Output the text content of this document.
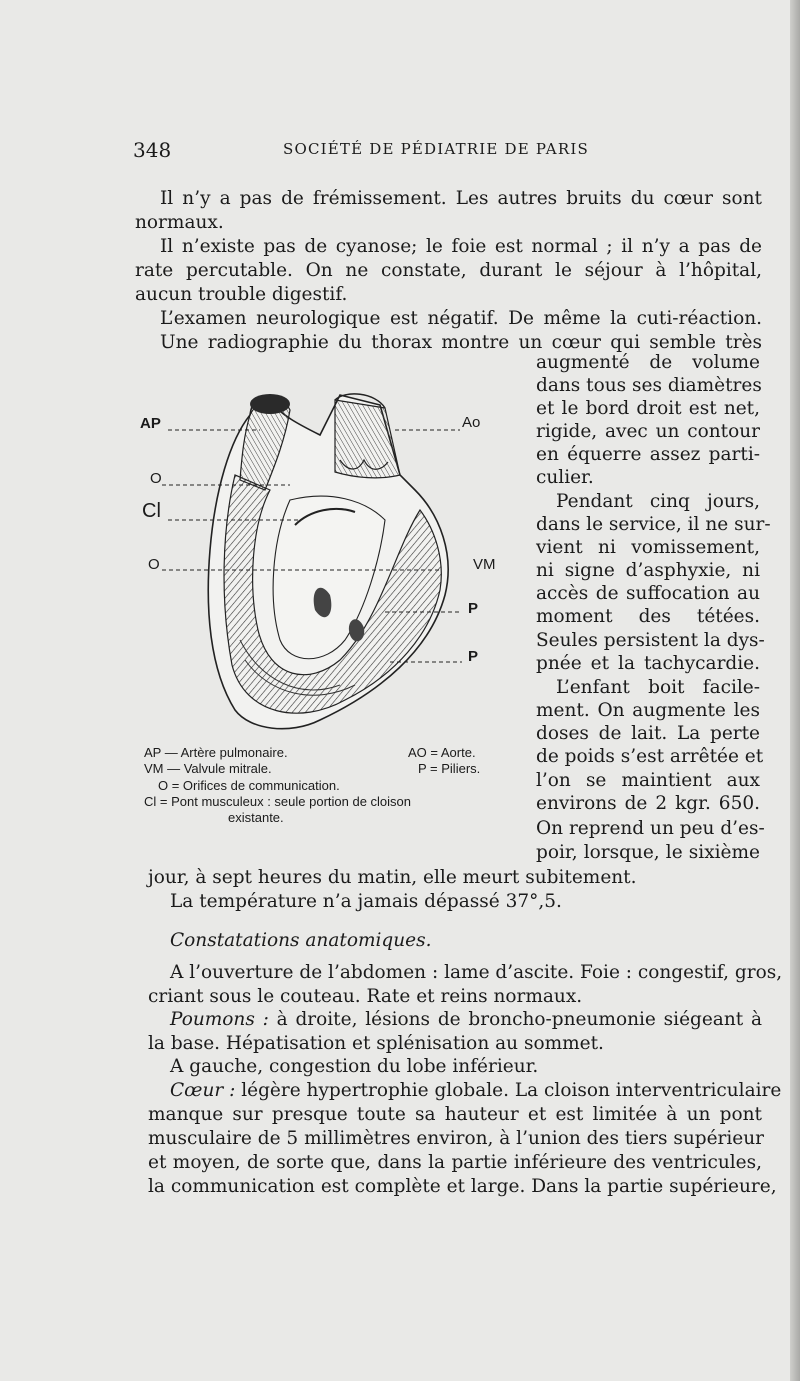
348	SOCIÉTÉ DE PÉDIATRIE DE PARIS
Il n’y a pas de frémissement. Les autres bruits du cœur sont
normaux.
Il n’existe pas de cyanose; le foie est normal ; il n’y a pas de
rate percutable. On ne constate, durant le séjour à l’hôpital,
aucun trouble digestif.
L’examen neurologique est négatif. De même la cuti-réaction.
Une radiographie du thorax montre un cœur qui semble très
augmenté de volume
dans tous ses diamètres
et le bord droit est net,
rigide, avec un contour
en équerre assez parti-
culier.
Pendant cinq jours,
dans le service, il ne sur-
vient ni vomissement,
ni signe d’asphyxie, ni
accès de suffocation au
moment des tétées.
Seules persistent la dys-
pnée et la tachycardie.
L’enfant boit facile-
ment. On augmente les
doses de lait. La perte
de poids s’est arrêtée et
l’on se maintient aux
environs de 2 kgr. 650.
On reprend un peu d’es-
poir, lorsque, le sixième
AP	Ao
O
Cl
O	VM
P
P
AP — Artère pulmonaire.	AO = Aorte.
VM — Valvule mitrale.	P = Piliers.
O = Orifices de communication.
Cl = Pont musculeux : seule portion de cloison
existante.
jour, à sept heures du matin, elle meurt subitement.
La température n’a jamais dépassé 37°,5.
Constatations anatomiques.
A l’ouverture de l’abdomen : lame d’ascite. Foie : congestif, gros,
criant sous le couteau. Rate et reins normaux.
Poumons : à droite, lésions de broncho-pneumonie siégeant à
la base. Hépatisation et splénisation au sommet.
A gauche, congestion du lobe inférieur.
Cœur : légère hypertrophie globale. La cloison interventriculaire
manque sur presque toute sa hauteur et est limitée à un pont
musculaire de 5 millimètres environ, à l’union des tiers supérieur
et moyen, de sorte que, dans la partie inférieure des ventricules,
la communication est complète et large. Dans la partie supérieure,
